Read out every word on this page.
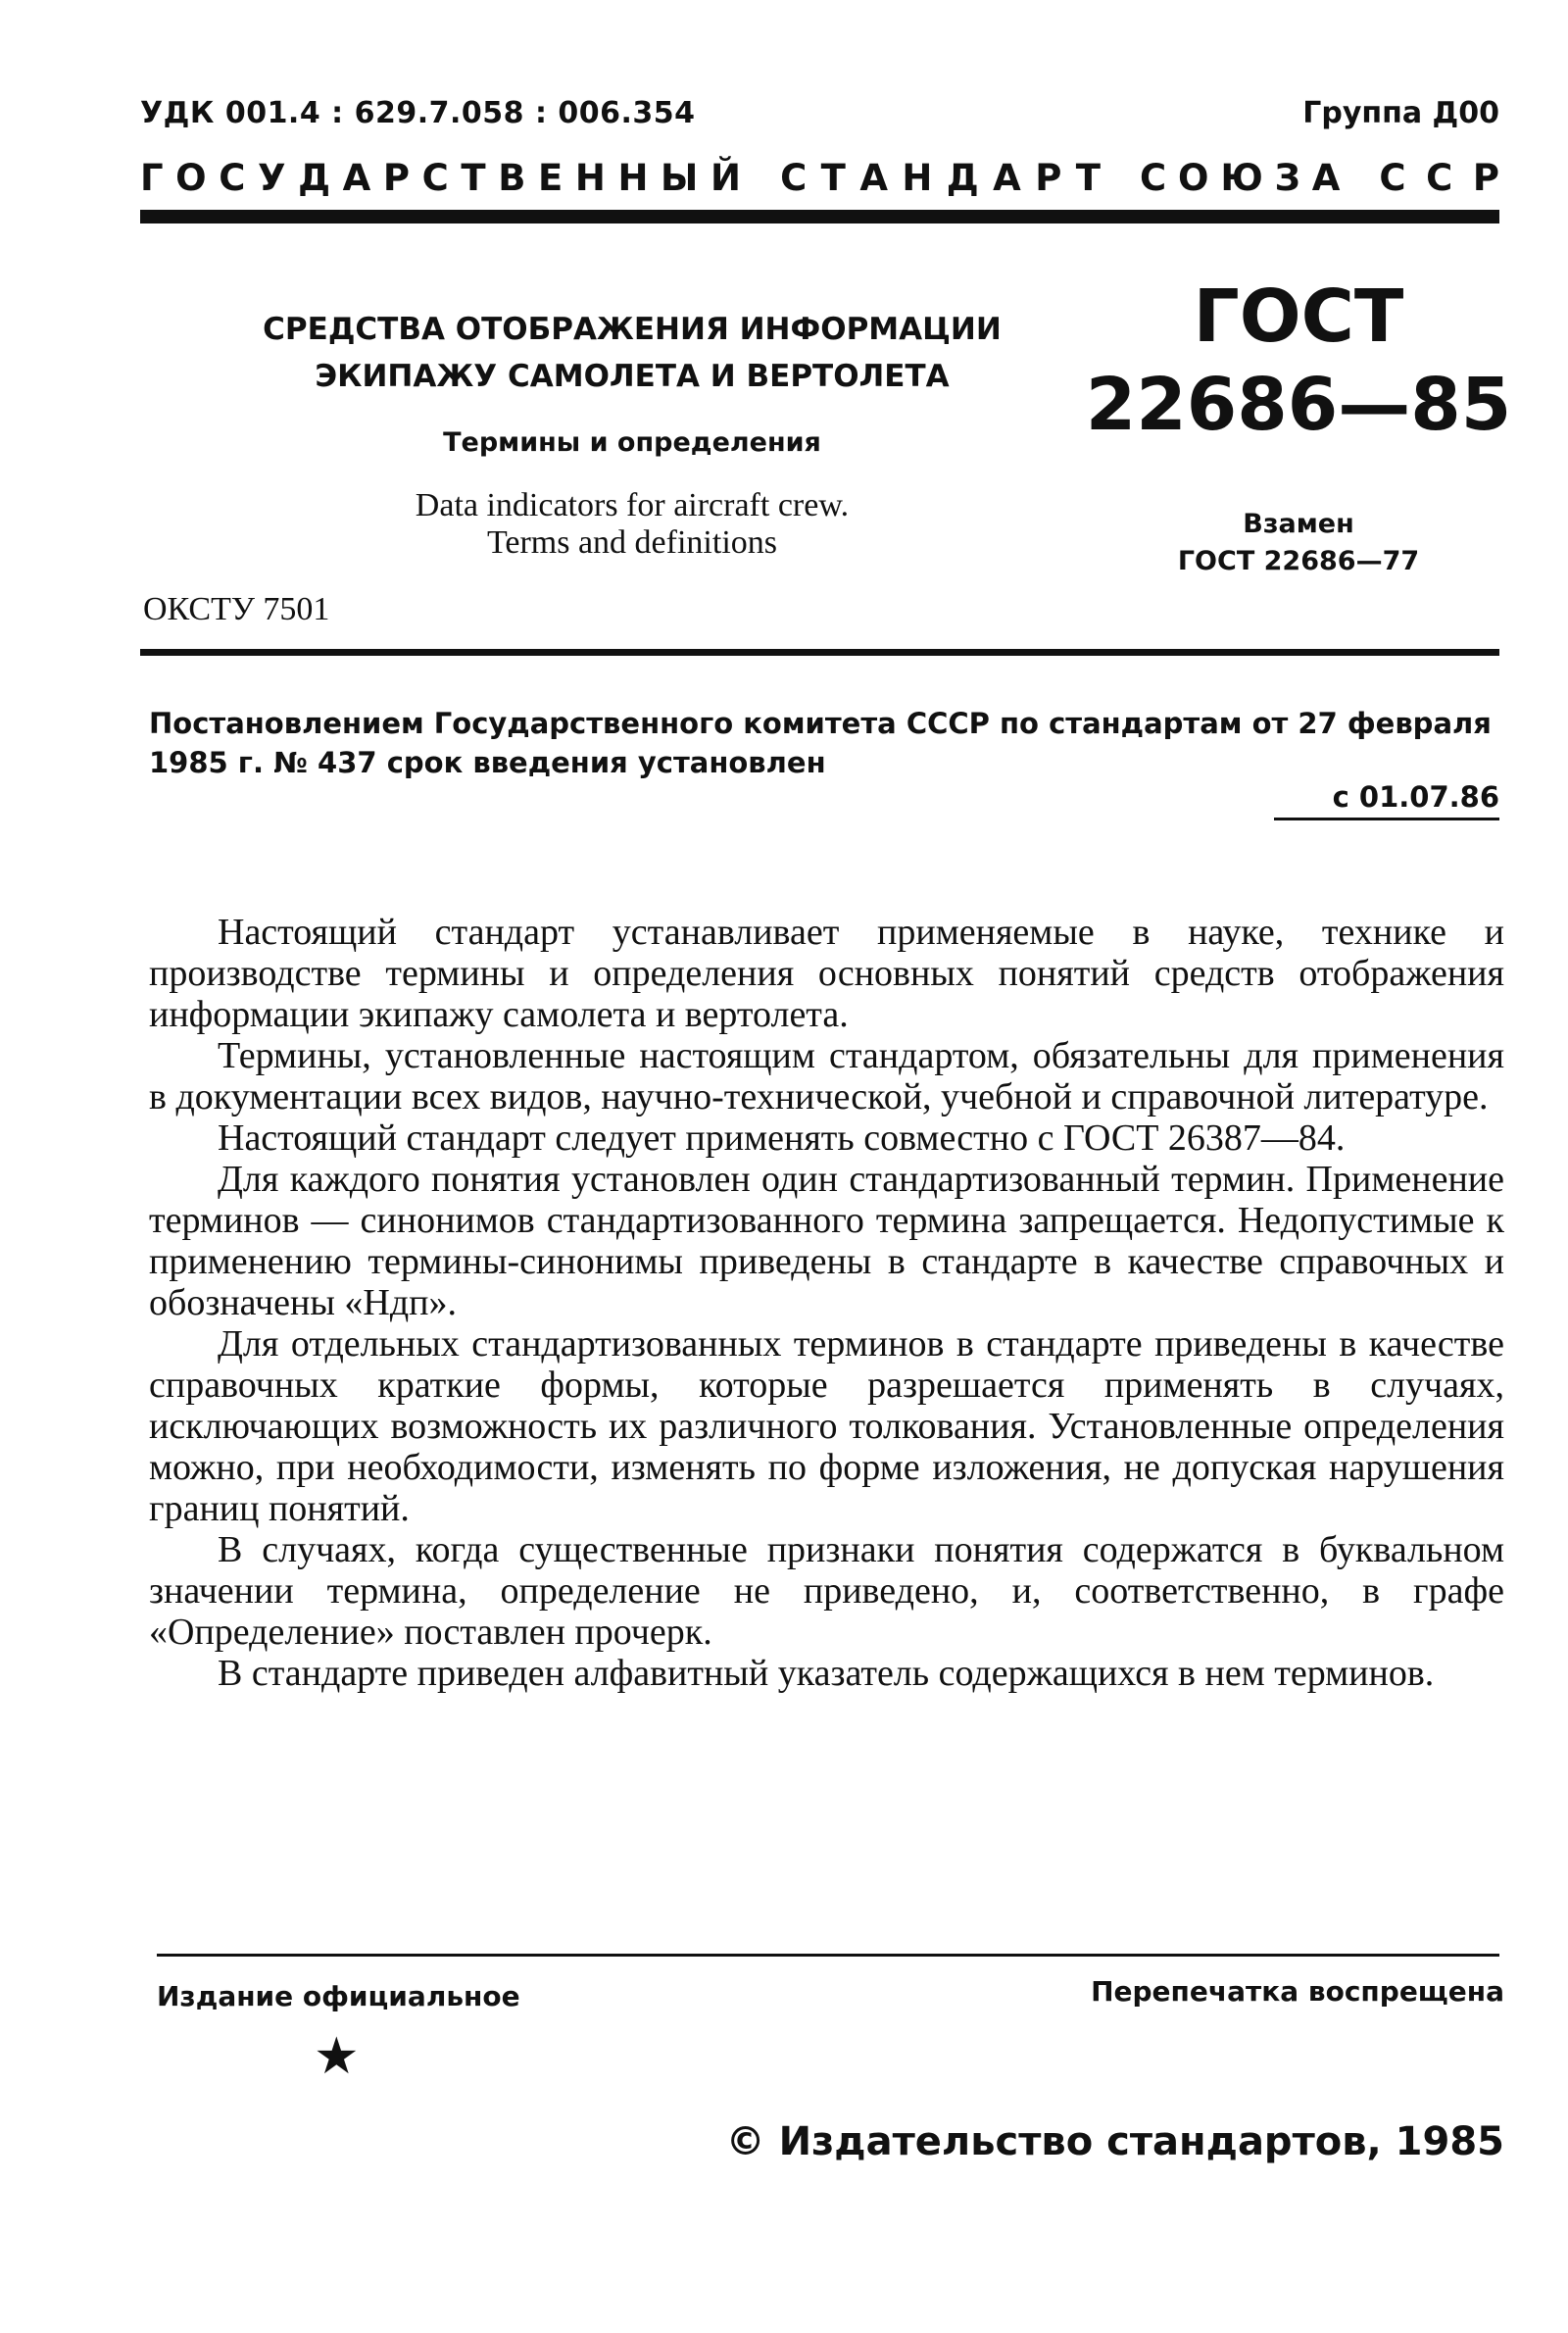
УДК 001.4 : 629.7.058 : 006.354	Группа Д00
Г О С У Д А Р С Т В Е Н Н Ы Й С Т А Н Д А Р Т С О Ю З А С С Р
СРЕДСТВА ОТОБРАЖЕНИЯ ИНФОРМАЦИИ
ЭКИПАЖУ САМОЛЕТА И ВЕРТОЛЕТА
Термины и определения
Data indicators for aircraft crew.
Terms and definitions
ГОСТ
22686—85
Взамен
ГОСТ 22686—77
ОКСТУ 7501
Постановлением Государственного комитета СССР по стандартам от 27 февраля 1985 г. № 437 срок введения установлен
с 01.07.86

Настоящий стандарт устанавливает применяемые в науке, технике и производстве термины и определения основных понятий средств отображения информации экипажу самолета и вертолета.

Термины, установленные настоящим стандартом, обязательны для применения в документации всех видов, научно-технической, учебной и справочной литературе.

Настоящий стандарт следует применять совместно с ГОСТ 26387—84.

Для каждого понятия установлен один стандартизованный термин. Применение терминов — синонимов стандартизованного термина запрещается. Недопустимые к применению термины-синонимы приведены в стандарте в качестве справочных и обозначены «Ндп».

Для отдельных стандартизованных терминов в стандарте приведены в качестве справочных краткие формы, которые разрешается применять в случаях, исключающих возможность их различного толкования. Установленные определения можно, при необходимости, изменять по форме изложения, не допуская нарушения границ понятий.

В случаях, когда существенные признаки понятия содержатся в буквальном значении термина, определение не приведено, и, соответственно, в графе «Определение» поставлен прочерк.

В стандарте приведен алфавитный указатель содержащихся в нем терминов.

Издание официальное	Перепечатка воспрещена
★
© Издательство стандартов, 1985
